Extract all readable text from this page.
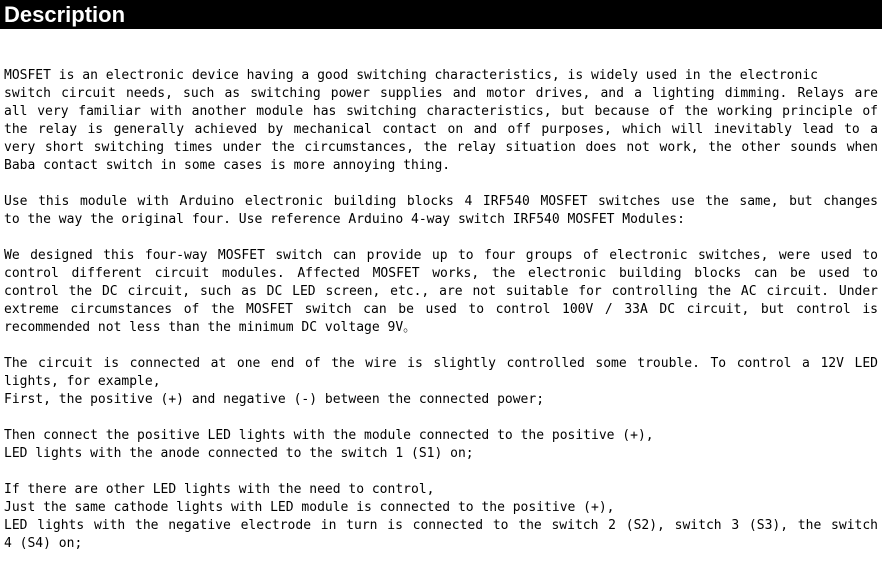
Description
MOSFET is an electronic device having a good switching characteristics, is widely used in the electronic
switch circuit needs, such as switching power supplies and motor drives, and a lighting dimming. Relays are
all very familiar with another module has switching characteristics, but because of the working principle of
the relay is generally achieved by mechanical contact on and off purposes, which will inevitably lead to a
very short switching times under the circumstances, the relay situation does not work, the other sounds when
Baba contact switch in some cases is more annoying thing.
Use this module with Arduino electronic building blocks 4 IRF540 MOSFET switches use the same, but changes
to the way the original four. Use reference Arduino 4-way switch IRF540 MOSFET Modules:
We designed this four-way MOSFET switch can provide up to four groups of electronic switches, were used to
control different circuit modules. Affected MOSFET works, the electronic building blocks can be used to
control the DC circuit, such as DC LED screen, etc., are not suitable for controlling the AC circuit. Under
extreme circumstances of the MOSFET switch can be used to control 100V / 33A DC circuit, but control is
recommended not less than the minimum DC voltage 9V。
The circuit is connected at one end of the wire is slightly controlled some trouble. To control a 12V LED
lights, for example,
First, the positive (+) and negative (-) between the connected power;
Then connect the positive LED lights with the module connected to the positive (+),
LED lights with the anode connected to the switch 1 (S1) on;
If there are other LED lights with the need to control,
Just the same cathode lights with LED module is connected to the positive (+),
LED lights with the negative electrode in turn is connected to the switch 2 (S2), switch 3 (S3), the switch
4 (S4) on;
